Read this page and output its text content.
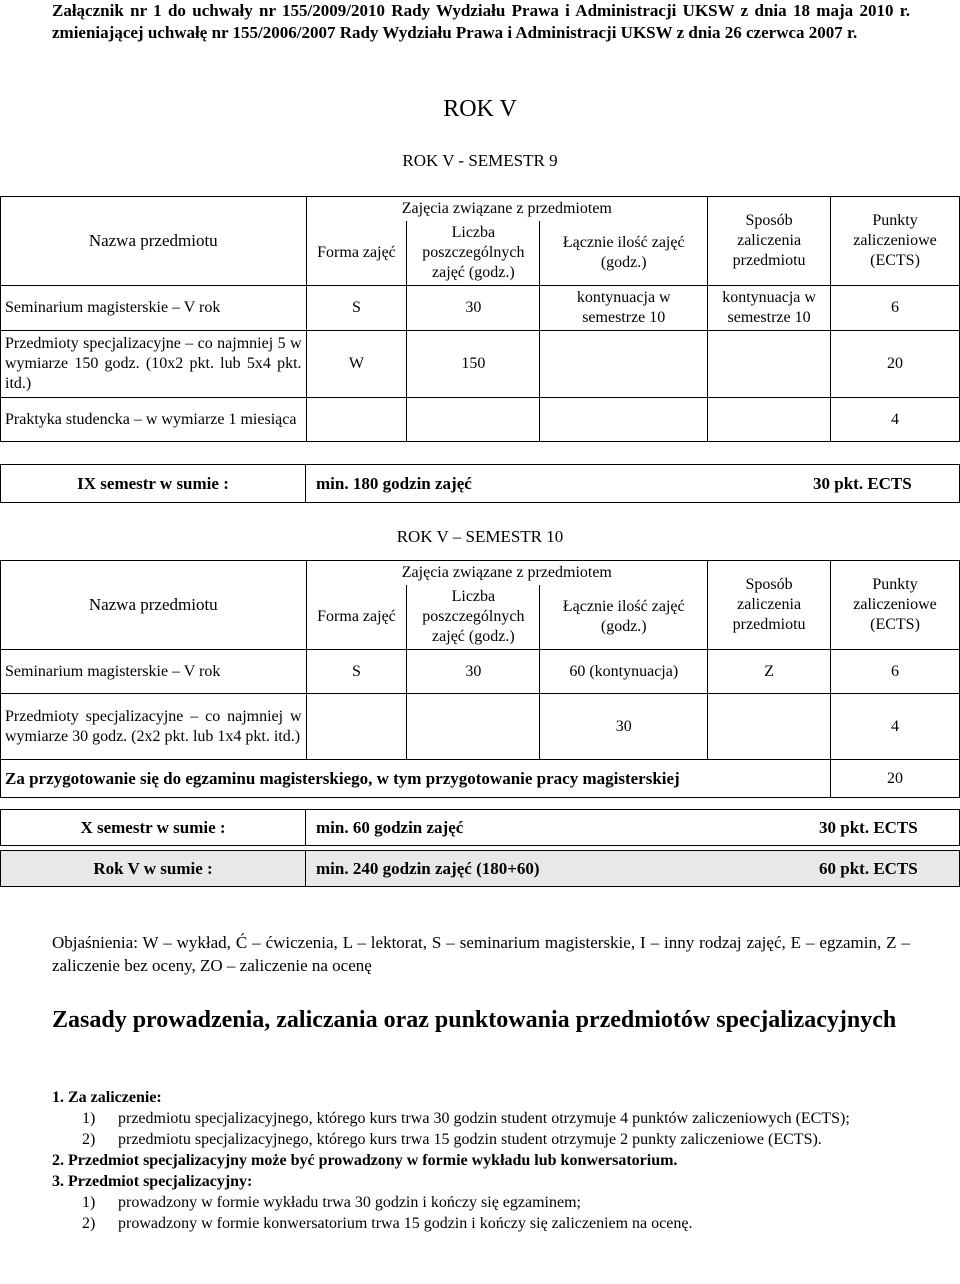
Załącznik nr 1 do uchwały nr 155/2009/2010 Rady Wydziału Prawa i Administracji UKSW z dnia 18 maja 2010 r. zmieniającej uchwałę nr 155/2006/2007 Rady Wydziału Prawa i Administracji UKSW z dnia 26 czerwca 2007 r.
ROK V
ROK V - SEMESTR 9
Nazwa przedmiotu	Zajęcia związane z przedmiotem			Sposób zaliczenia przedmiotu	Punkty zaliczeniowe (ECTS)
	Forma zajęć	Liczba poszczególnych zajęć (godz.)	Łącznie ilość zajęć (godz.)		
Seminarium magisterskie – V rok	S	30	kontynuacja w semestrze 10	kontynuacja w semestrze 10	6
Przedmioty specjalizacyjne – co najmniej 5 w wymiarze 150 godz. (10x2 pkt. lub 5x4 pkt. itd.)	W	150			20
Praktyka studencka – w wymiarze 1 miesiąca					4
IX semestr w sumie :	min. 180 godzin zajęć	30 pkt. ECTS
ROK V – SEMESTR 10
Nazwa przedmiotu	Zajęcia związane z przedmiotem			Sposób zaliczenia przedmiotu	Punkty zaliczeniowe (ECTS)
	Forma zajęć	Liczba poszczególnych zajęć (godz.)	Łącznie ilość zajęć (godz.)		
Seminarium magisterskie – V rok	S	30	60 (kontynuacja)	Z	6
Przedmioty specjalizacyjne – co najmniej w wymiarze 30 godz. (2x2 pkt. lub 1x4 pkt. itd.)			30		4
Za przygotowanie się do egzaminu magisterskiego, w tym przygotowanie pracy magisterskiej					20
X semestr w sumie :	min. 60 godzin zajęć	30 pkt. ECTS
Rok V w sumie :	min. 240 godzin zajęć (180+60)	60 pkt. ECTS
Objaśnienia: W – wykład, Ć – ćwiczenia, L – lektorat, S – seminarium magisterskie, I – inny rodzaj zajęć, E – egzamin, Z – zaliczenie bez oceny, ZO – zaliczenie na ocenę
Zasady prowadzenia, zaliczania oraz punktowania przedmiotów specjalizacyjnych
1. Za zaliczenie:
1)	przedmiotu specjalizacyjnego, którego kurs trwa 30 godzin student otrzymuje 4 punktów zaliczeniowych (ECTS);
2)	przedmiotu specjalizacyjnego, którego kurs trwa 15 godzin student otrzymuje 2 punkty zaliczeniowe (ECTS).
2. Przedmiot specjalizacyjny może być prowadzony w formie wykładu lub konwersatorium.
3. Przedmiot specjalizacyjny:
1)	prowadzony w formie wykładu trwa 30 godzin i kończy się egzaminem;
2)	prowadzony w formie konwersatorium trwa 15 godzin i kończy się zaliczeniem na ocenę.
